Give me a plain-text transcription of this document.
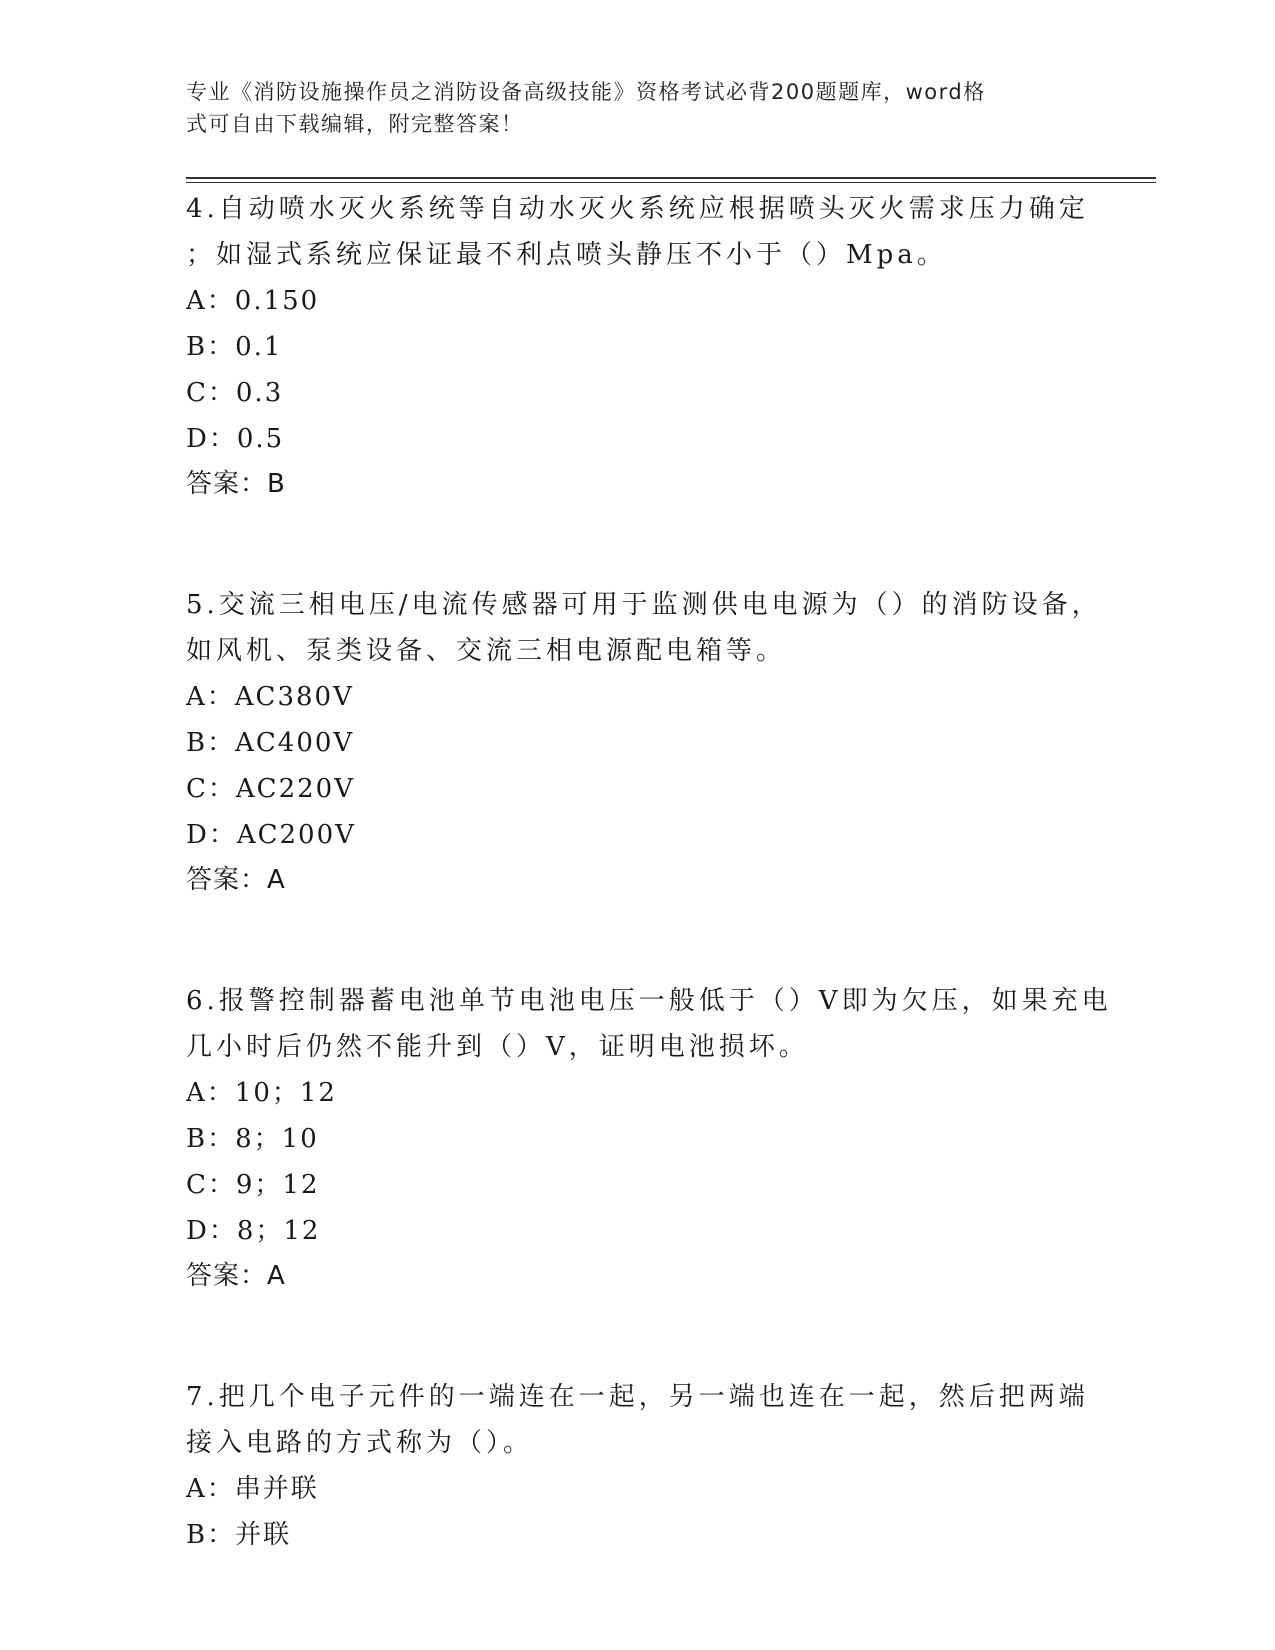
专业《消防设施操作员之消防设备高级技能》资格考试必背200题题库，word格
式可自由下载编辑，附完整答案！
4.自动喷水灭火系统等自动水灭火系统应根据喷头灭火需求压力确定
；如湿式系统应保证最不利点喷头静压不小于（）Mpa。
A：0.150
B：0.1
C：0.3
D：0.5
答案：B
5.交流三相电压/电流传感器可用于监测供电电源为（）的消防设备，
如风机、泵类设备、交流三相电源配电箱等。
A：AC380V
B：AC400V
C：AC220V
D：AC200V
答案：A
6.报警控制器蓄电池单节电池电压一般低于（）V即为欠压，如果充电
几小时后仍然不能升到（）V，证明电池损坏。
A：10；12
B：8；10
C：9；12
D：8；12
答案：A
7.把几个电子元件的一端连在一起，另一端也连在一起，然后把两端
接入电路的方式称为（）。
A：串并联
B：并联
